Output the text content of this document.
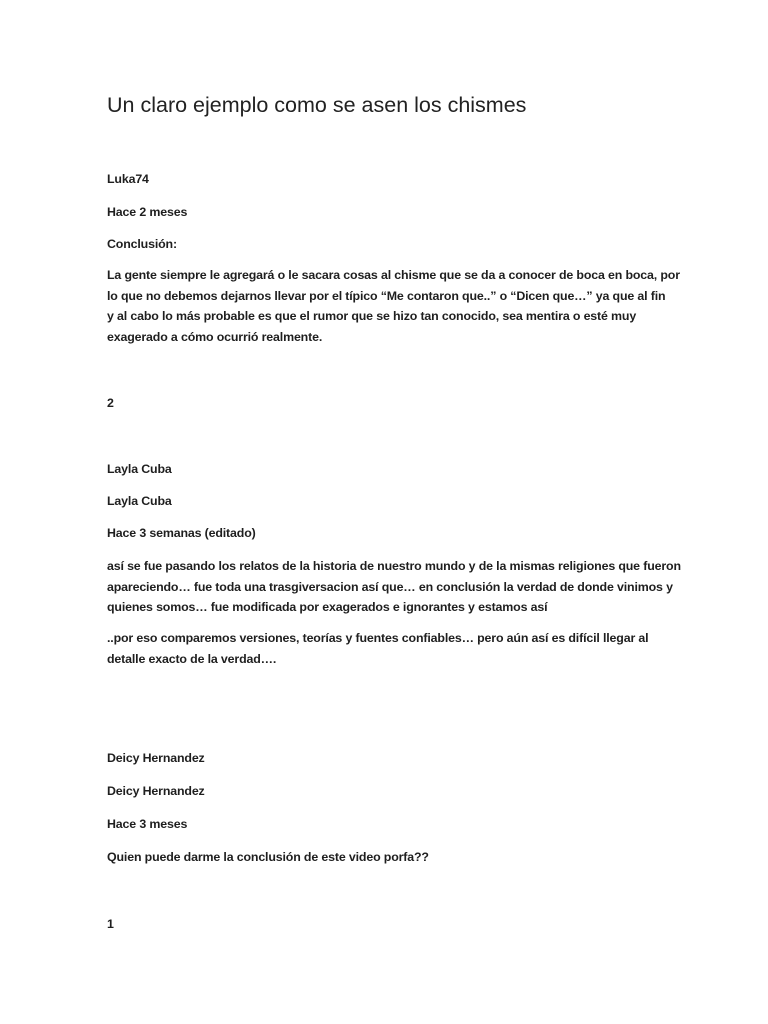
Un claro ejemplo como se asen los chismes

Luka74

Hace 2 meses

Conclusión:

La gente siempre le agregará o le sacara cosas al chisme que se da a conocer de boca en boca, por
lo que no debemos dejarnos llevar por el típico “Me contaron que..” o “Dicen que…” ya que al fin
y al cabo lo más probable es que el rumor que se hizo tan conocido, sea mentira o esté muy
exagerado a cómo ocurrió realmente.

2

Layla Cuba

Layla Cuba

Hace 3 semanas (editado)

así se fue pasando los relatos de la historia de nuestro mundo y de la mismas religiones que fueron
apareciendo… fue toda una trasgiversacion así que… en conclusión la verdad de donde vinimos y
quienes somos… fue modificada por exagerados e ignorantes y estamos así
..por eso comparemos versiones, teorías y fuentes confiables… pero aún así es difícil llegar al
detalle exacto de la verdad….

Deicy Hernandez

Deicy Hernandez

Hace 3 meses

Quien puede darme la conclusión de este video porfa??

1
